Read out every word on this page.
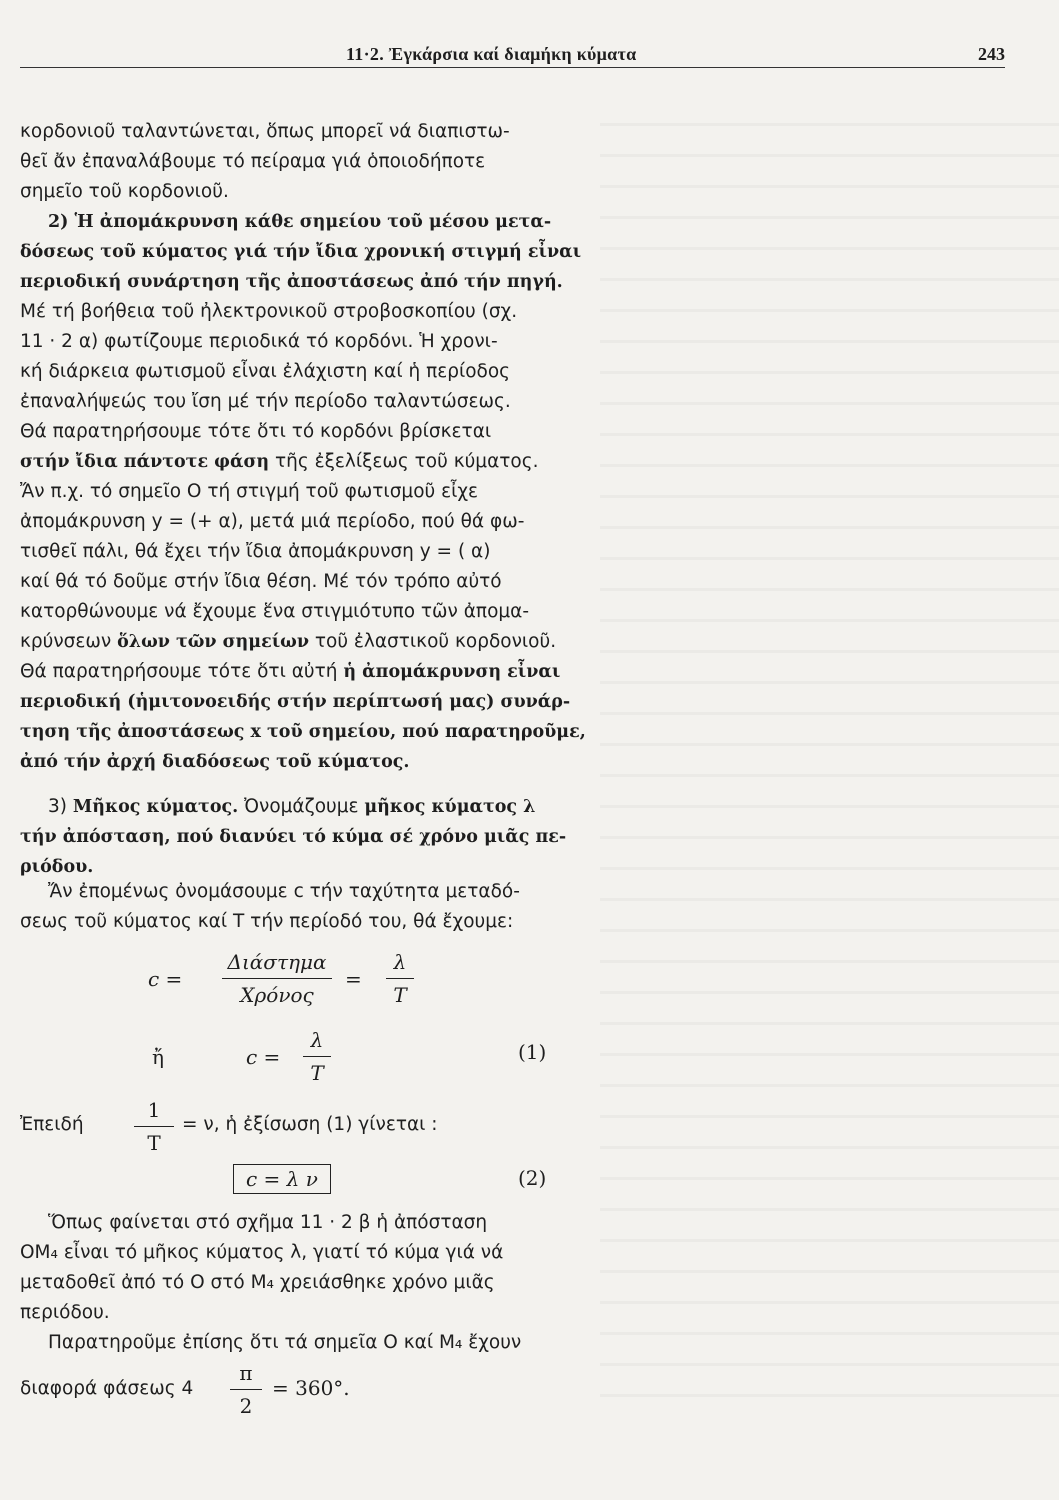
11·2. Ἐγκάρσια καί διαμήκη κύματα	243
κορδονιοῦ ταλαντώνεται, ὅπως μπορεῖ νά διαπιστω-
θεῖ ἄν ἐπαναλάβουμε τό πείραμα γιά ὁποιοδήποτε
σημεῖο τοῦ κορδονιοῦ.
2) Ἡ ἀπομάκρυνση κάθε σημείου τοῦ μέσου μετα-
δόσεως τοῦ κύματος γιά τήν ἴδια χρονική στιγμή εἶναι
περιοδική συνάρτηση τῆς ἀποστάσεως ἀπό τήν πηγή.
Μέ τή βοήθεια τοῦ ἠλεκτρονικοῦ στροβοσκοπίου (σχ.
11 · 2 α) φωτίζουμε περιοδικά τό κορδόνι. Ἡ χρονι-
κή διάρκεια φωτισμοῦ εἶναι ἐλάχιστη καί ἡ περίοδος
ἐπαναλήψεώς του ἴση μέ τήν περίοδο ταλαντώσεως.
Θά παρατηρήσουμε τότε ὅτι τό κορδόνι βρίσκεται
στήν ἴδια πάντοτε φάση τῆς ἐξελίξεως τοῦ κύματος.
Ἄν π.χ. τό σημεῖο O τή στιγμή τοῦ φωτισμοῦ εἶχε
ἀπομάκρυνση y = (+ α), μετά μιά περίοδο, πού θά φω-
τισθεῖ πάλι, θά ἔχει τήν ἴδια ἀπομάκρυνση y = ( α)
καί θά τό δοῦμε στήν ἴδια θέση. Μέ τόν τρόπο αὐτό
κατορθώνουμε νά ἔχουμε ἕνα στιγμιότυπο τῶν ἀπομα-
κρύνσεων ὅλων τῶν σημείων τοῦ ἐλαστικοῦ κορδονιοῦ.
Θά παρατηρήσουμε τότε ὅτι αὐτή ἡ ἀπομάκρυνση εἶναι
περιοδική (ἡμιτονοειδής στήν περίπτωσή μας) συνάρ-
τηση τῆς ἀποστάσεως x τοῦ σημείου, πού παρατηροῦμε,
ἀπό τήν ἀρχή διαδόσεως τοῦ κύματος.
3) Μῆκος κύματος. Ὀνομάζουμε μῆκος κύματος λ
τήν ἀπόσταση, πού διανύει τό κύμα σέ χρόνο μιᾶς πε-
ριόδου.
Ἄν ἐπομένως ὀνομάσουμε c τήν ταχύτητα μεταδό-
σεως τοῦ κύματος καί T τήν περίοδό του, θά ἔχουμε:
c =
Διάστημα
Χρόνος
=
λ
T
ἤ	c =
λ
T
(1)
Ἐπειδή
1
T
= ν, ἡ ἐξίσωση (1) γίνεται :
c = λ ν	(2)
Ὅπως φαίνεται στό σχῆμα 11 · 2 β ἡ ἀπόσταση
OM₄ εἶναι τό μῆκος κύματος λ, γιατί τό κύμα γιά νά
μεταδοθεῖ ἀπό τό O στό M₄ χρειάσθηκε χρόνο μιᾶς
περιόδου.
Παρατηροῦμε ἐπίσης ὅτι τά σημεῖα O καί M₄ ἔχουν
διαφορά φάσεως 4
π
2
= 360°.
